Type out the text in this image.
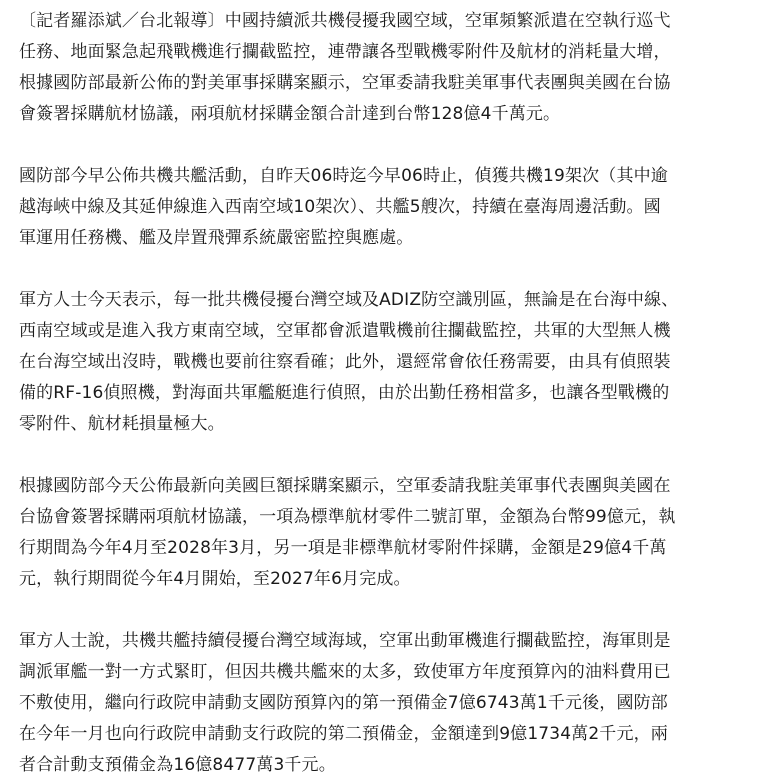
〔記者羅添斌／台北報導〕中國持續派共機侵擾我國空域，空軍頻繁派遣在空執行巡弋
任務、地面緊急起飛戰機進行攔截監控，連帶讓各型戰機零附件及航材的消耗量大增，
根據國防部最新公佈的對美軍事採購案顯示，空軍委請我駐美軍事代表團與美國在台協
會簽署採購航材協議，兩項航材採購金額合計達到台幣128億4千萬元。
國防部今早公佈共機共艦活動，自昨天06時迄今早06時止，偵獲共機19架次（其中逾
越海峽中線及其延伸線進入西南空域10架次）、共艦5艘次，持續在臺海周邊活動。國
軍運用任務機、艦及岸置飛彈系統嚴密監控與應處。
軍方人士今天表示，每一批共機侵擾台灣空域及ADIZ防空識別區，無論是在台海中線、
西南空域或是進入我方東南空域，空軍都會派遣戰機前往攔截監控，共軍的大型無人機
在台海空域出沒時，戰機也要前往察看確；此外，還經常會依任務需要，由具有偵照裝
備的RF-16偵照機，對海面共軍艦艇進行偵照，由於出勤任務相當多，也讓各型戰機的
零附件、航材耗損量極大。
根據國防部今天公佈最新向美國巨額採購案顯示，空軍委請我駐美軍事代表團與美國在
台協會簽署採購兩項航材協議，一項為標準航材零件二號訂單，金額為台幣99億元，執
行期間為今年4月至2028年3月，另一項是非標準航材零附件採購，金額是29億4千萬
元，執行期間從今年4月開始，至2027年6月完成。
軍方人士說，共機共艦持續侵擾台灣空域海域，空軍出動軍機進行攔截監控，海軍則是
調派軍艦一對一方式緊盯，但因共機共艦來的太多，致使軍方年度預算內的油料費用已
不敷使用，繼向行政院申請動支國防預算內的第一預備金7億6743萬1千元後，國防部
在今年一月也向行政院申請動支行政院的第二預備金，金額達到9億1734萬2千元，兩
者合計動支預備金為16億8477萬3千元。
